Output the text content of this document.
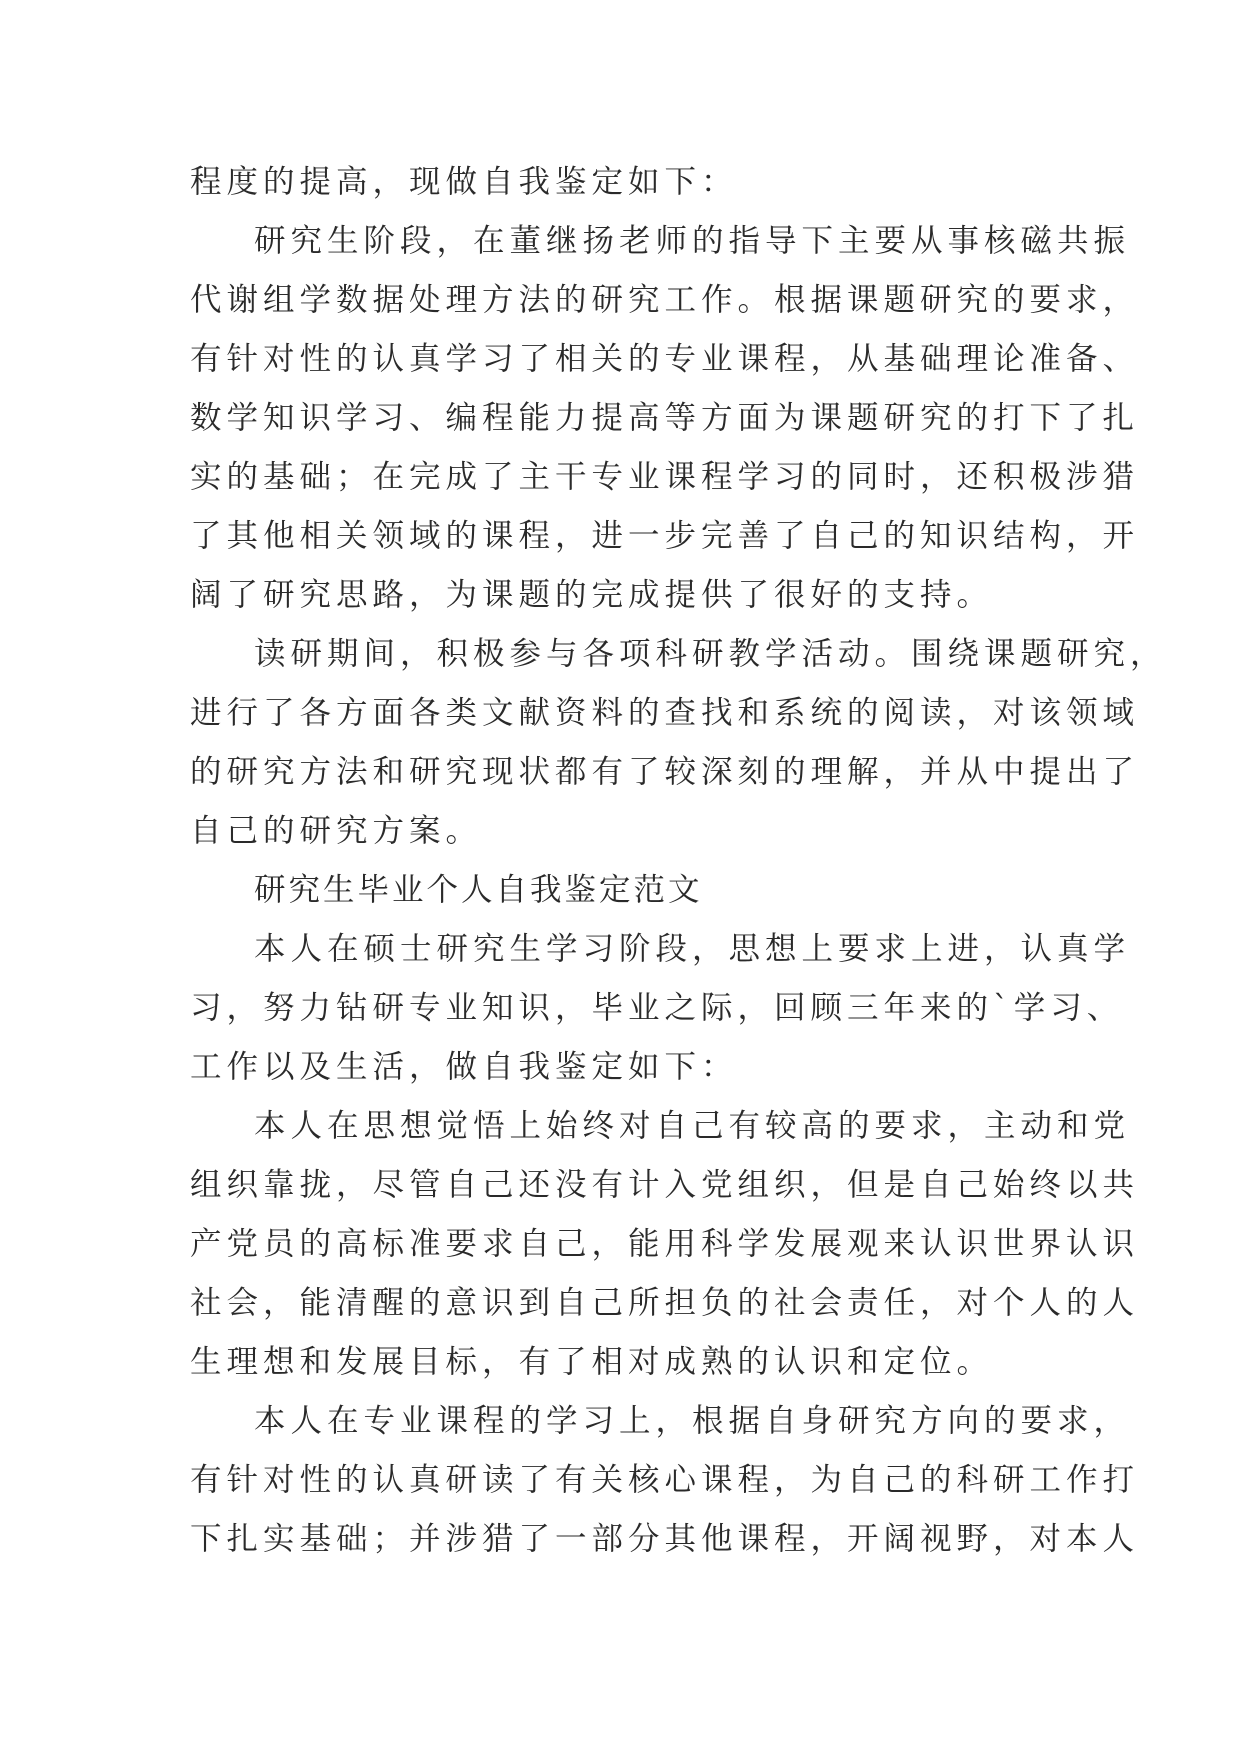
程度的提高，现做自我鉴定如下：
研究生阶段，在董继扬老师的指导下主要从事核磁共振
代谢组学数据处理方法的研究工作。根据课题研究的要求，
有针对性的认真学习了相关的专业课程，从基础理论准备、
数学知识学习、编程能力提高等方面为课题研究的打下了扎
实的基础；在完成了主干专业课程学习的同时，还积极涉猎
了其他相关领域的课程，进一步完善了自己的知识结构，开
阔了研究思路，为课题的完成提供了很好的支持。
读研期间，积极参与各项科研教学活动。围绕课题研究，
进行了各方面各类文献资料的查找和系统的阅读，对该领域
的研究方法和研究现状都有了较深刻的理解，并从中提出了
自己的研究方案。
研究生毕业个人自我鉴定范文
本人在硕士研究生学习阶段，思想上要求上进，认真学
习，努力钻研专业知识，毕业之际，回顾三年来的`学习、
工作以及生活，做自我鉴定如下：
本人在思想觉悟上始终对自己有较高的要求，主动和党
组织靠拢，尽管自己还没有计入党组织，但是自己始终以共
产党员的高标准要求自己，能用科学发展观来认识世界认识
社会，能清醒的意识到自己所担负的社会责任，对个人的人
生理想和发展目标，有了相对成熟的认识和定位。
本人在专业课程的学习上，根据自身研究方向的要求，
有针对性的认真研读了有关核心课程，为自己的科研工作打
下扎实基础；并涉猎了一部分其他课程，开阔视野，对本人
